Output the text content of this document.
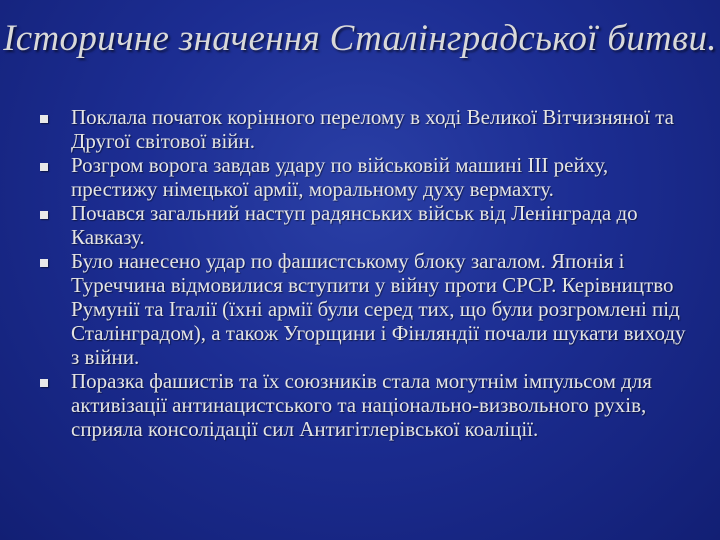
Історичне значення Сталінградської битви.
Поклала початок корінного перелому в ході Великої Вітчизняної та Другої світової війн.
Розгром ворога завдав удару по військовій машині ІІІ рейху, престижу німецької армії, моральному духу вермахту.
Почався загальний наступ радянських військ від Ленінграда до Кавказу.
Було нанесено удар по фашистському блоку загалом. Японія і Туреччина відмовилися вступити у війну проти СРСР. Керівництво Румунії та Італії (їхні армії були серед тих, що були розгромлені під Сталінградом), а також Угорщини і Фінляндії почали шукати виходу з війни.
Поразка фашистів та їх союзників стала могутнім імпульсом для активізації антинацистського та національно-визвольного рухів, сприяла консолідації сил Антигітлерівської коаліції.
